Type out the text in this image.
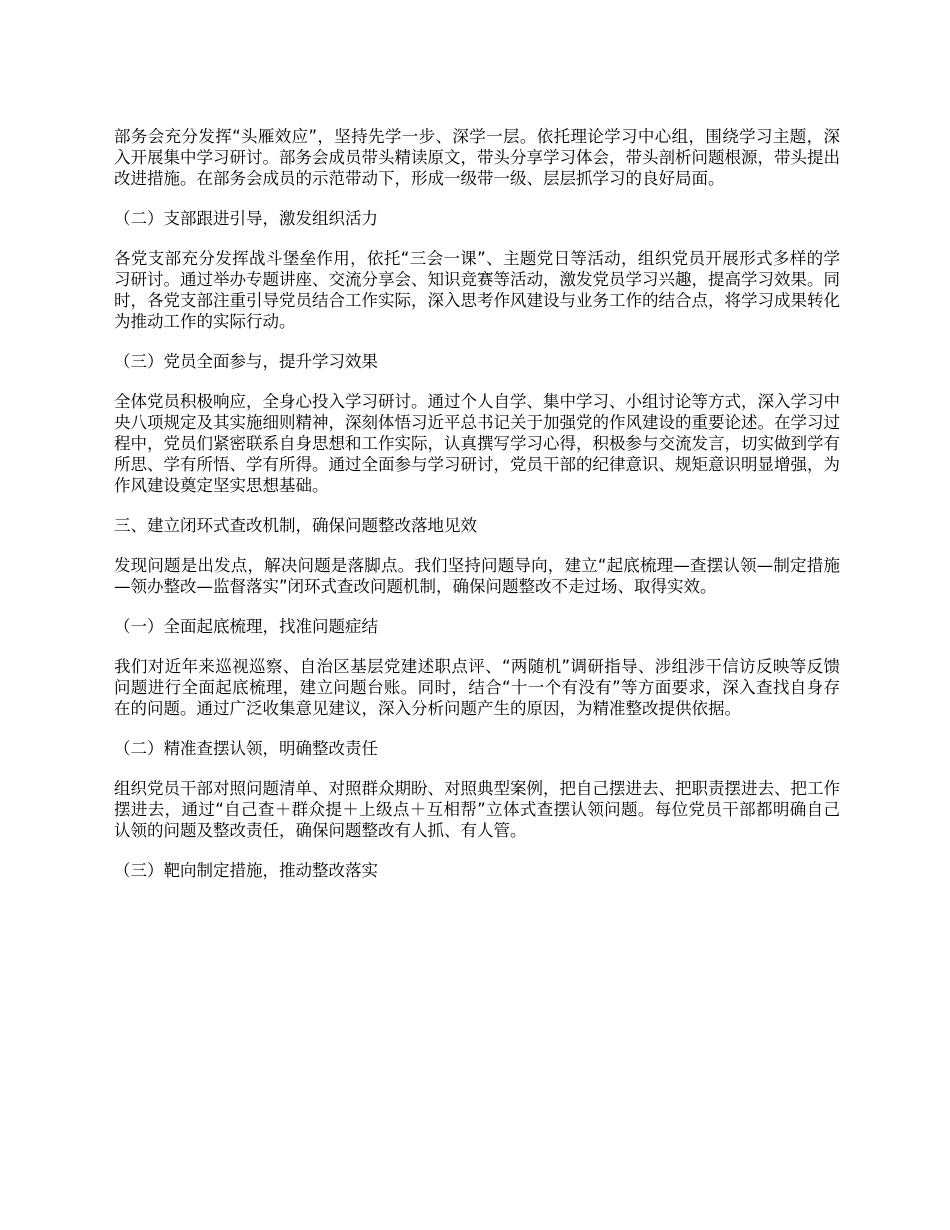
部务会充分发挥“头雁效应”，坚持先学一步、深学一层。依托理论学习中心组，围绕学习主题，深入开展集中学习研讨。部务会成员带头精读原文，带头分享学习体会，带头剖析问题根源，带头提出改进措施。在部务会成员的示范带动下，形成一级带一级、层层抓学习的良好局面。

（二）支部跟进引导，激发组织活力

各党支部充分发挥战斗堡垒作用，依托“三会一课”、主题党日等活动，组织党员开展形式多样的学习研讨。通过举办专题讲座、交流分享会、知识竞赛等活动，激发党员学习兴趣，提高学习效果。同时，各党支部注重引导党员结合工作实际，深入思考作风建设与业务工作的结合点，将学习成果转化为推动工作的实际行动。

（三）党员全面参与，提升学习效果

全体党员积极响应，全身心投入学习研讨。通过个人自学、集中学习、小组讨论等方式，深入学习中央八项规定及其实施细则精神，深刻体悟习近平总书记关于加强党的作风建设的重要论述。在学习过程中，党员们紧密联系自身思想和工作实际，认真撰写学习心得，积极参与交流发言，切实做到学有所思、学有所悟、学有所得。通过全面参与学习研讨，党员干部的纪律意识、规矩意识明显增强，为作风建设奠定坚实思想基础。

三、建立闭环式查改机制，确保问题整改落地见效

发现问题是出发点，解决问题是落脚点。我们坚持问题导向，建立“起底梳理—查摆认领—制定措施—领办整改—监督落实”闭环式查改问题机制，确保问题整改不走过场、取得实效。

（一）全面起底梳理，找准问题症结

我们对近年来巡视巡察、自治区基层党建述职点评、“两随机”调研指导、涉组涉干信访反映等反馈问题进行全面起底梳理，建立问题台账。同时，结合“十一个有没有”等方面要求，深入查找自身存在的问题。通过广泛收集意见建议，深入分析问题产生的原因，为精准整改提供依据。

（二）精准查摆认领，明确整改责任

组织党员干部对照问题清单、对照群众期盼、对照典型案例，把自己摆进去、把职责摆进去、把工作摆进去，通过“自己查＋群众提＋上级点＋互相帮”立体式查摆认领问题。每位党员干部都明确自己认领的问题及整改责任，确保问题整改有人抓、有人管。

（三）靶向制定措施，推动整改落实
